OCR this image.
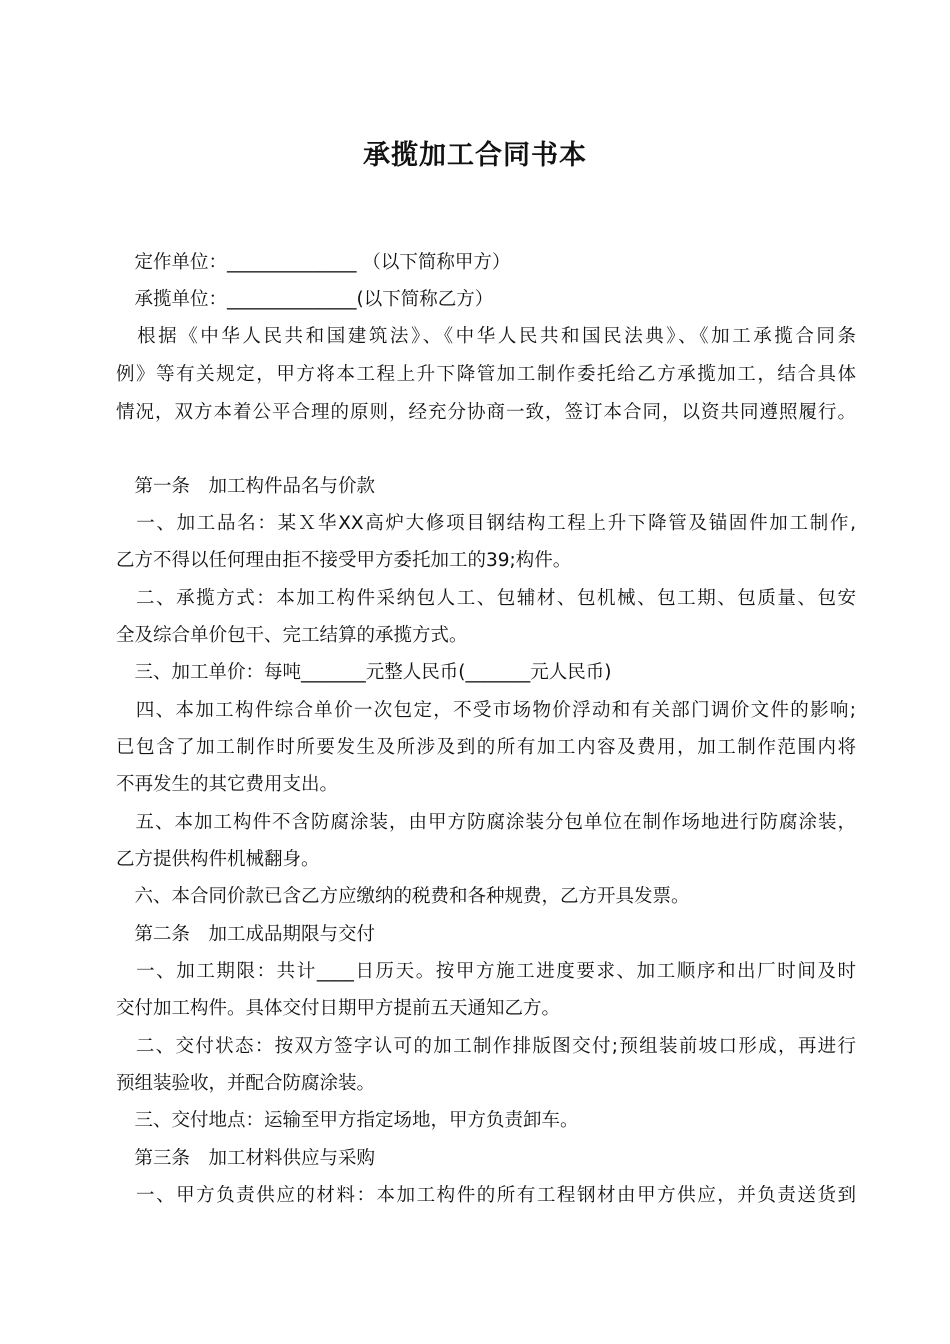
承揽加工合同书本
　定作单位：______________ （以下简称甲方）
　承揽单位：______________(以下简称乙方）
　根据《中华人民共和国建筑法》、《中华人民共和国民法典》、《加工承揽合同条
例》等有关规定，甲方将本工程上升下降管加工制作委托给乙方承揽加工，结合具体
情况，双方本着公平合理的原则，经充分协商一致，签订本合同，以资共同遵照履行。
　第一条　加工构件品名与价款
　一、加工品名：某Ｘ华XX高炉大修项目钢结构工程上升下降管及锚固件加工制作,
乙方不得以任何理由拒不接受甲方委托加工的39;构件。
　二、承揽方式：本加工构件采纳包人工、包辅材、包机械、包工期、包质量、包安
全及综合单价包干、完工结算的承揽方式。
　三、加工单价：每吨_______元整人民币(_______元人民币)
　四、本加工构件综合单价一次包定，不受市场物价浮动和有关部门调价文件的影响;
已包含了加工制作时所要发生及所涉及到的所有加工内容及费用，加工制作范围内将
不再发生的其它费用支出。
　五、本加工构件不含防腐涂装，由甲方防腐涂装分包单位在制作场地进行防腐涂装，
乙方提供构件机械翻身。
　六、本合同价款已含乙方应缴纳的税费和各种规费，乙方开具发票。
　第二条　加工成品期限与交付
　一、加工期限：共计____日历天。按甲方施工进度要求、加工顺序和出厂时间及时
交付加工构件。具体交付日期甲方提前五天通知乙方。
　二、交付状态：按双方签字认可的加工制作排版图交付;预组装前坡口形成，再进行
预组装验收，并配合防腐涂装。
　三、交付地点：运输至甲方指定场地，甲方负责卸车。
　第三条　加工材料供应与采购
　一、甲方负责供应的材料：本加工构件的所有工程钢材由甲方供应，并负责送货到
